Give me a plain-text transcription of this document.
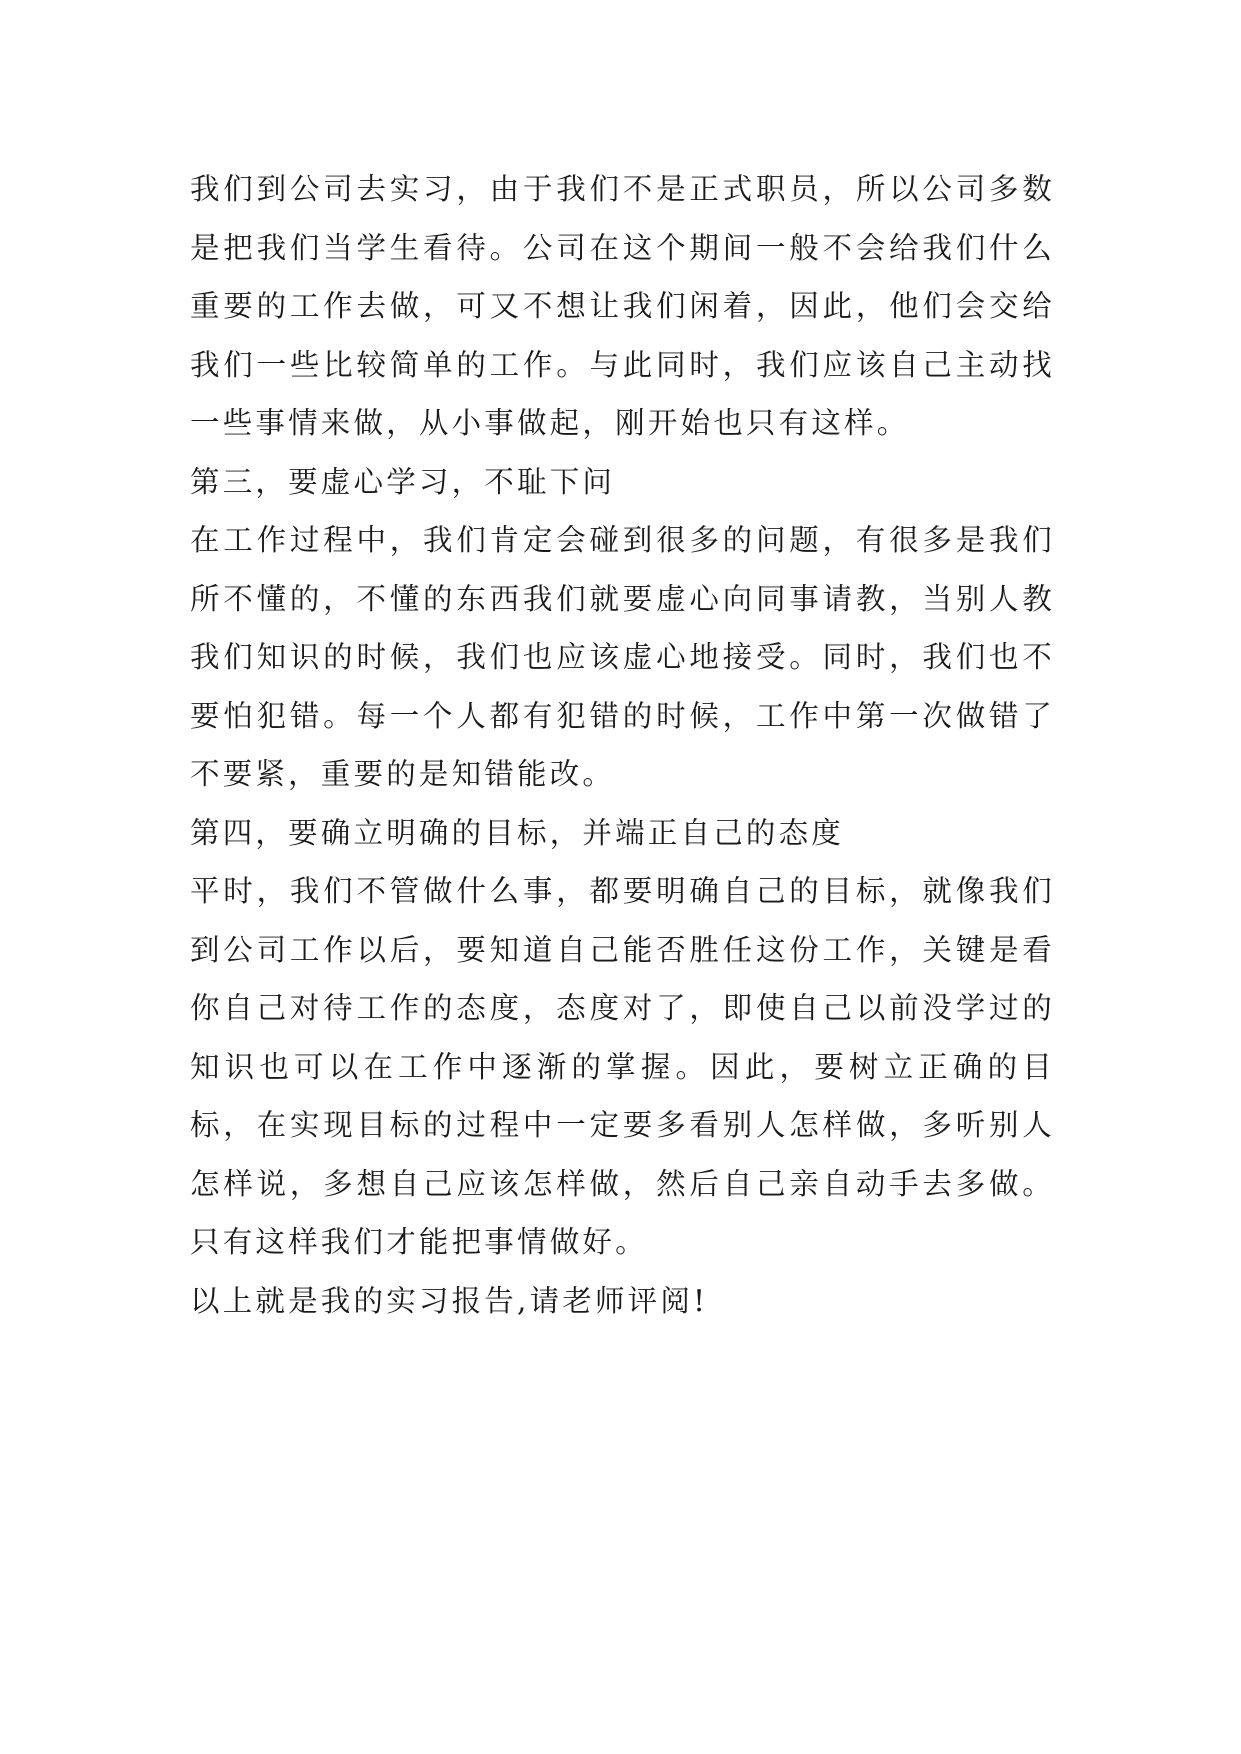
我们到公司去实习，由于我们不是正式职员，所以公司多数是把我们当学生看待。公司在这个期间一般不会给我们什么重要的工作去做，可又不想让我们闲着，因此，他们会交给我们一些比较简单的工作。与此同时，我们应该自己主动找一些事情来做，从小事做起，刚开始也只有这样。

第三，要虚心学习，不耻下问

在工作过程中，我们肯定会碰到很多的问题，有很多是我们所不懂的，不懂的东西我们就要虚心向同事请教，当别人教我们知识的时候，我们也应该虚心地接受。同时，我们也不要怕犯错。每一个人都有犯错的时候，工作中第一次做错了不要紧，重要的是知错能改。

第四，要确立明确的目标，并端正自己的态度

平时，我们不管做什么事，都要明确自己的目标，就像我们到公司工作以后，要知道自己能否胜任这份工作，关键是看你自己对待工作的态度，态度对了，即使自己以前没学过的知识也可以在工作中逐渐的掌握。因此，要树立正确的目标，在实现目标的过程中一定要多看别人怎样做，多听别人怎样说，多想自己应该怎样做，然后自己亲自动手去多做。只有这样我们才能把事情做好。

以上就是我的实习报告,请老师评阅!
